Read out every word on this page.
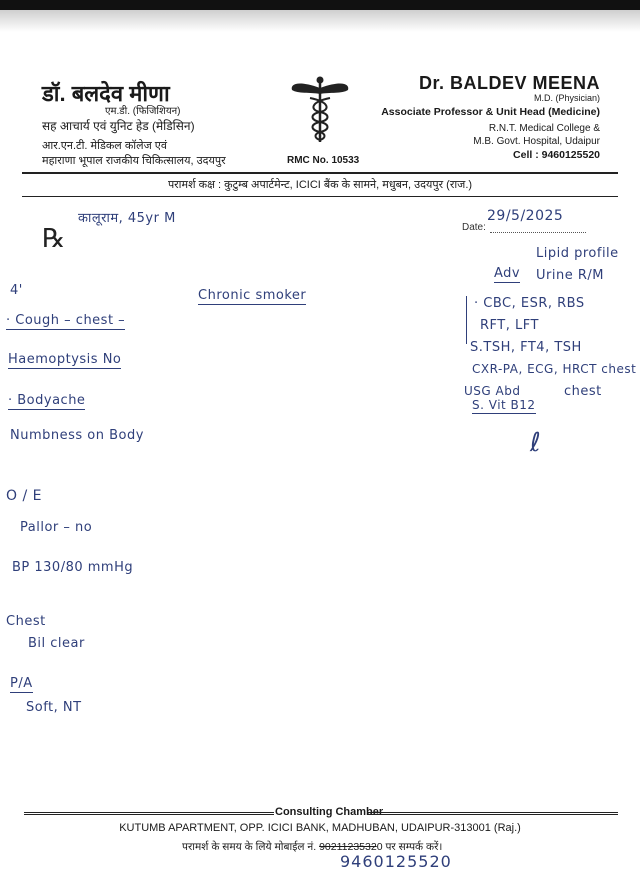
डॉ. बलदेव मीणा
एम.डी. (फिजिशियन)
सह आचार्य एवं युनिट हेड (मेडिसिन)
आर.एन.टी. मेडिकल कॉलेज एवं
महाराणा भूपाल राजकीय चिकित्सालय, उदयपुर	RMC No. 10533
Dr. BALDEV MEENA
M.D. (Physician)
Associate Professor & Unit Head (Medicine)
R.N.T. Medical College &
M.B. Govt. Hospital, Udaipur
Cell : 9460125520
परामर्श कक्ष : कुटुम्ब अपार्टमेन्ट, ICICI बैंक के सामने, मधुबन, उदयपुर (राज.)
℞
कालूराम, 45yr M
Date:
29/5/2025
4'
· Cough – chest –
Haemoptysis No
· Bodyache
Numbness on Body
O / E
Pallor – no
BP 130/80 mmHg
Chest
Bil clear
P/A
Soft, NT
Chronic smoker
Lipid profile
Adv Urine R/M
· CBC, ESR, RBS
RFT, LFT
S.TSH, FT4, TSH
CXR-PA, ECG, HRCT chest
USG Abd
S. Vit B12
chest
ℓ
Consulting Chamber
KUTUMB APARTMENT, OPP. ICICI BANK, MADHUBAN, UDAIPUR-313001 (Raj.)
परामर्श के समय के लिये मोबाईल नं. 90211235320 पर सम्पर्क करें।
9460125520
